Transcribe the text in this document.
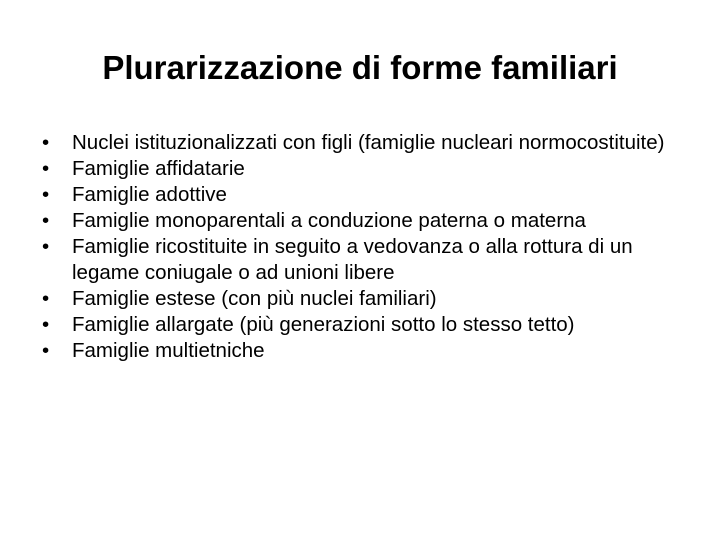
Plurarizzazione di forme familiari
•	Nuclei istituzionalizzati con figli (famiglie nucleari normocostituite)
•	Famiglie affidatarie
•	Famiglie adottive
•	Famiglie monoparentali a conduzione paterna o materna
•	Famiglie ricostituite in seguito a vedovanza o alla rottura di un legame coniugale o ad unioni libere
•	Famiglie estese (con più nuclei familiari)
•	Famiglie allargate (più generazioni sotto lo stesso tetto)
•	Famiglie multietniche
